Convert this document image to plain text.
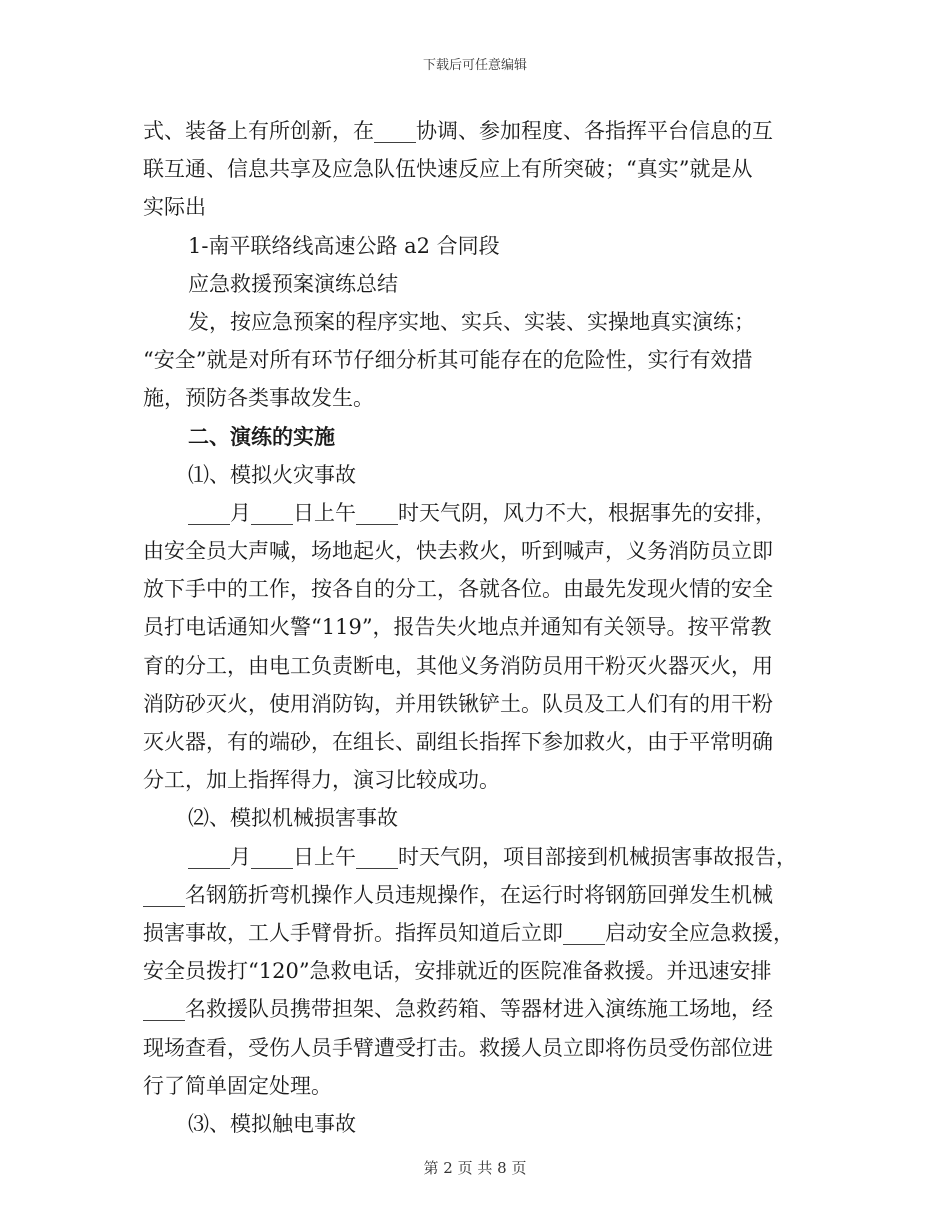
下载后可任意编辑
式、装备上有所创新，在____协调、参加程度、各指挥平台信息的互
联互通、信息共享及应急队伍快速反应上有所突破；“真实”就是从
实际出
1-南平联络线高速公路 a2 合同段
应急救援预案演练总结
发，按应急预案的程序实地、实兵、实装、实操地真实演练；
“安全”就是对所有环节仔细分析其可能存在的危险性，实行有效措
施，预防各类事故发生。
二、演练的实施
⑴、模拟火灾事故
____月____日上午____时天气阴，风力不大，根据事先的安排，
由安全员大声喊，场地起火，快去救火，听到喊声，义务消防员立即
放下手中的工作，按各自的分工，各就各位。由最先发现火情的安全
员打电话通知火警“119”，报告失火地点并通知有关领导。按平常教
育的分工，由电工负责断电，其他义务消防员用干粉灭火器灭火，用
消防砂灭火，使用消防钩，并用铁锹铲土。队员及工人们有的用干粉
灭火器，有的端砂，在组长、副组长指挥下参加救火，由于平常明确
分工，加上指挥得力，演习比较成功。
⑵、模拟机械损害事故
____月____日上午____时天气阴，项目部接到机械损害事故报告，
____名钢筋折弯机操作人员违规操作，在运行时将钢筋回弹发生机械
损害事故，工人手臂骨折。指挥员知道后立即____启动安全应急救援，
安全员拨打“120”急救电话，安排就近的医院准备救援。并迅速安排
____名救援队员携带担架、急救药箱、等器材进入演练施工场地，经
现场查看，受伤人员手臂遭受打击。救援人员立即将伤员受伤部位进
行了简单固定处理。
⑶、模拟触电事故
第 2 页 共 8 页
